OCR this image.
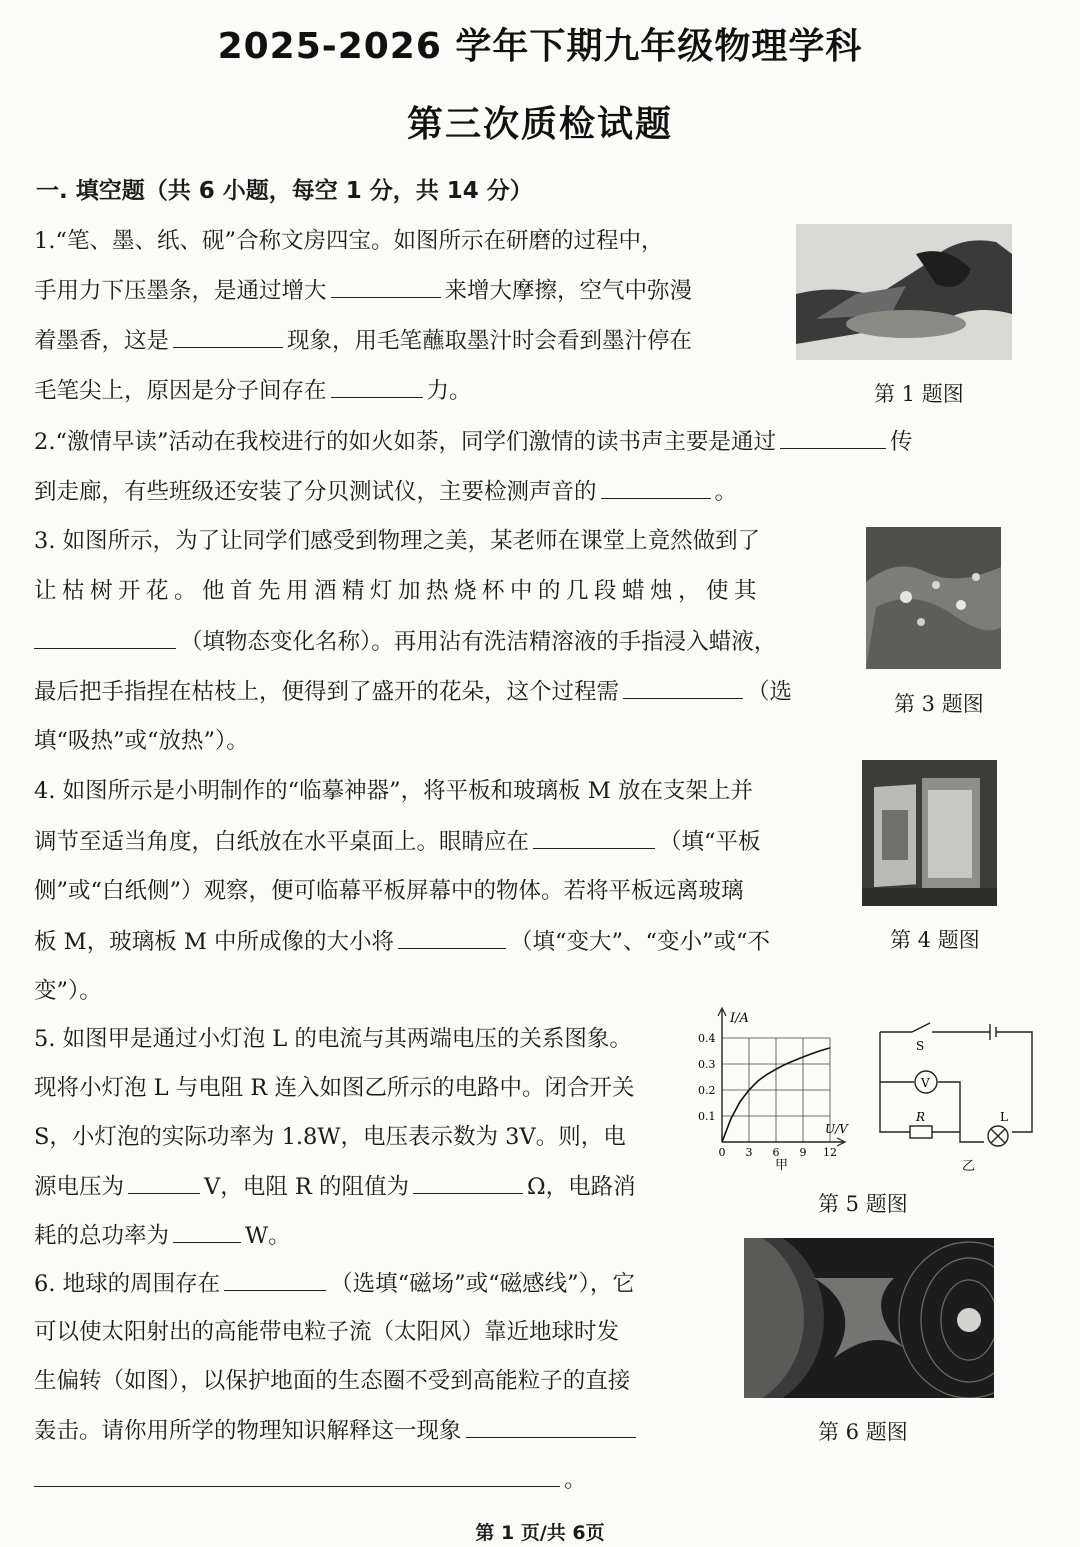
2025-2026 学年下期九年级物理学科
第三次质检试题
一. 填空题（共 6 小题，每空 1 分，共 14 分）
1.“笔、墨、纸、砚”合称文房四宝。如图所示在研磨的过程中，
手用力下压墨条，是通过增大	来增大摩擦，空气中弥漫
着墨香，这是	现象，用毛笔蘸取墨汁时会看到墨汁停在
毛笔尖上，原因是分子间存在	力。	第 1 题图
2.“激情早读”活动在我校进行的如火如荼，同学们激情的读书声主要是通过	传
到走廊，有些班级还安装了分贝测试仪，主要检测声音的	。
3. 如图所示，为了让同学们感受到物理之美，某老师在课堂上竟然做到了
让枯树开花。他首先用酒精灯加热烧杯中的几段蜡烛，使其
（填物态变化名称）。再用沾有洗洁精溶液的手指浸入蜡液，
最后把手指捏在枯枝上，便得到了盛开的花朵，这个过程需	（选
填“吸热”或“放热”）。
第 3 题图
4. 如图所示是小明制作的“临摹神器”，将平板和玻璃板 M 放在支架上并
调节至适当角度，白纸放在水平桌面上。眼睛应在	（填“平板
侧”或“白纸侧”）观察，便可临幕平板屏幕中的物体。若将平板远离玻璃
板 M，玻璃板 M 中所成像的大小将	（填“变大”、“变小”或“不
变”）。
第 4 题图
5. 如图甲是通过小灯泡 L 的电流与其两端电压的关系图象。
现将小灯泡 L 与电阻 R 连入如图乙所示的电路中。闭合开关
S，小灯泡的实际功率为 1.8W，电压表示数为 3V。则，电
源电压为	V，电阻 R 的阻值为	Ω，电路消
耗的总功率为	W。
I/A
U/V
0 3 6 9 12
0.1
0.2
0.3
0.4
甲
S
V
R	L
乙
第 5 题图
6. 地球的周围存在	（选填“磁场”或“磁感线”），它
可以使太阳射出的高能带电粒子流（太阳风）靠近地球时发
生偏转（如图），以保护地面的生态圈不受到高能粒子的直接
轰击。请你用所学的物理知识解释这一现象
。
第 6 题图
第 1 页/共 6页
